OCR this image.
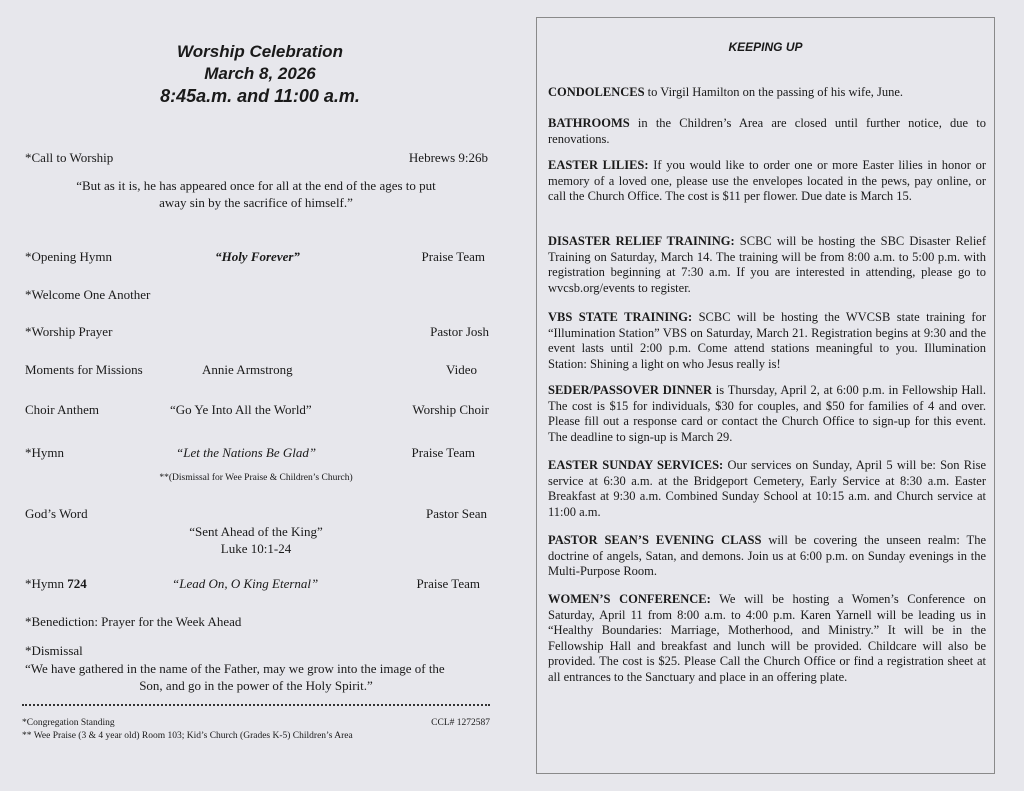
Worship Celebration
March 8, 2026
8:45a.m. and 11:00 a.m.
*Call to Worship	Hebrews 9:26b
“But as it is, he has appeared once for all at the end of the ages to put
away sin by the sacrifice of himself.”
*Opening Hymn	“Holy Forever”	Praise Team
*Welcome One Another
*Worship Prayer	Pastor Josh
Moments for Missions	Annie Armstrong	Video
Choir Anthem	“Go Ye Into All the World”	Worship Choir
*Hymn	“Let the Nations Be Glad”	Praise Team
**(Dismissal for Wee Praise & Children’s Church)
God’s Word	Pastor Sean
“Sent Ahead of the King”
Luke 10:1-24
*Hymn 724	“Lead On, O King Eternal”	Praise Team
*Benediction: Prayer for the Week Ahead
*Dismissal
“We have gathered in the name of the Father, may we grow into the image of the
Son, and go in the power of the Holy Spirit.”
*Congregation Standing	CCL# 1272587
** Wee Praise (3 & 4 year old) Room 103; Kid’s Church (Grades K-5) Children’s Area
KEEPING UP
CONDOLENCES to Virgil Hamilton on the passing of his wife, June.
BATHROOMS in the Children’s Area are closed until further notice, due to renovations.
EASTER LILIES: If you would like to order one or more Easter lilies in honor or memory of a loved one, please use the envelopes located in the pews, pay online, or call the Church Office. The cost is $11 per flower. Due date is March 15.
DISASTER RELIEF TRAINING: SCBC will be hosting the SBC Disaster Relief Training on Saturday, March 14. The training will be from 8:00 a.m. to 5:00 p.m. with registration beginning at 7:30 a.m. If you are interested in attending, please go to wvcsb.org/events to register.
VBS STATE TRAINING: SCBC will be hosting the WVCSB state training for “Illumination Station” VBS on Saturday, March 21. Registration begins at 9:30 and the event lasts until 2:00 p.m. Come attend stations meaningful to you. Illumination Station: Shining a light on who Jesus really is!
SEDER/PASSOVER DINNER is Thursday, April 2, at 6:00 p.m. in Fellowship Hall. The cost is $15 for individuals, $30 for couples, and $50 for families of 4 and over. Please fill out a response card or contact the Church Office to sign-up for this event. The deadline to sign-up is March 29.
EASTER SUNDAY SERVICES: Our services on Sunday, April 5 will be: Son Rise service at 6:30 a.m. at the Bridgeport Cemetery, Early Service at 8:30 a.m. Easter Breakfast at 9:30 a.m. Combined Sunday School at 10:15 a.m. and Church service at 11:00 a.m.
PASTOR SEAN’S EVENING CLASS will be covering the unseen realm: The doctrine of angels, Satan, and demons. Join us at 6:00 p.m. on Sunday evenings in the Multi-Purpose Room.
WOMEN’S CONFERENCE: We will be hosting a Women’s Conference on Saturday, April 11 from 8:00 a.m. to 4:00 p.m. Karen Yarnell will be leading us in “Healthy Boundaries: Marriage, Motherhood, and Ministry.” It will be in the Fellowship Hall and breakfast and lunch will be provided. Childcare will also be provided. The cost is $25. Please Call the Church Office or find a registration sheet at all entrances to the Sanctuary and place in an offering plate.
